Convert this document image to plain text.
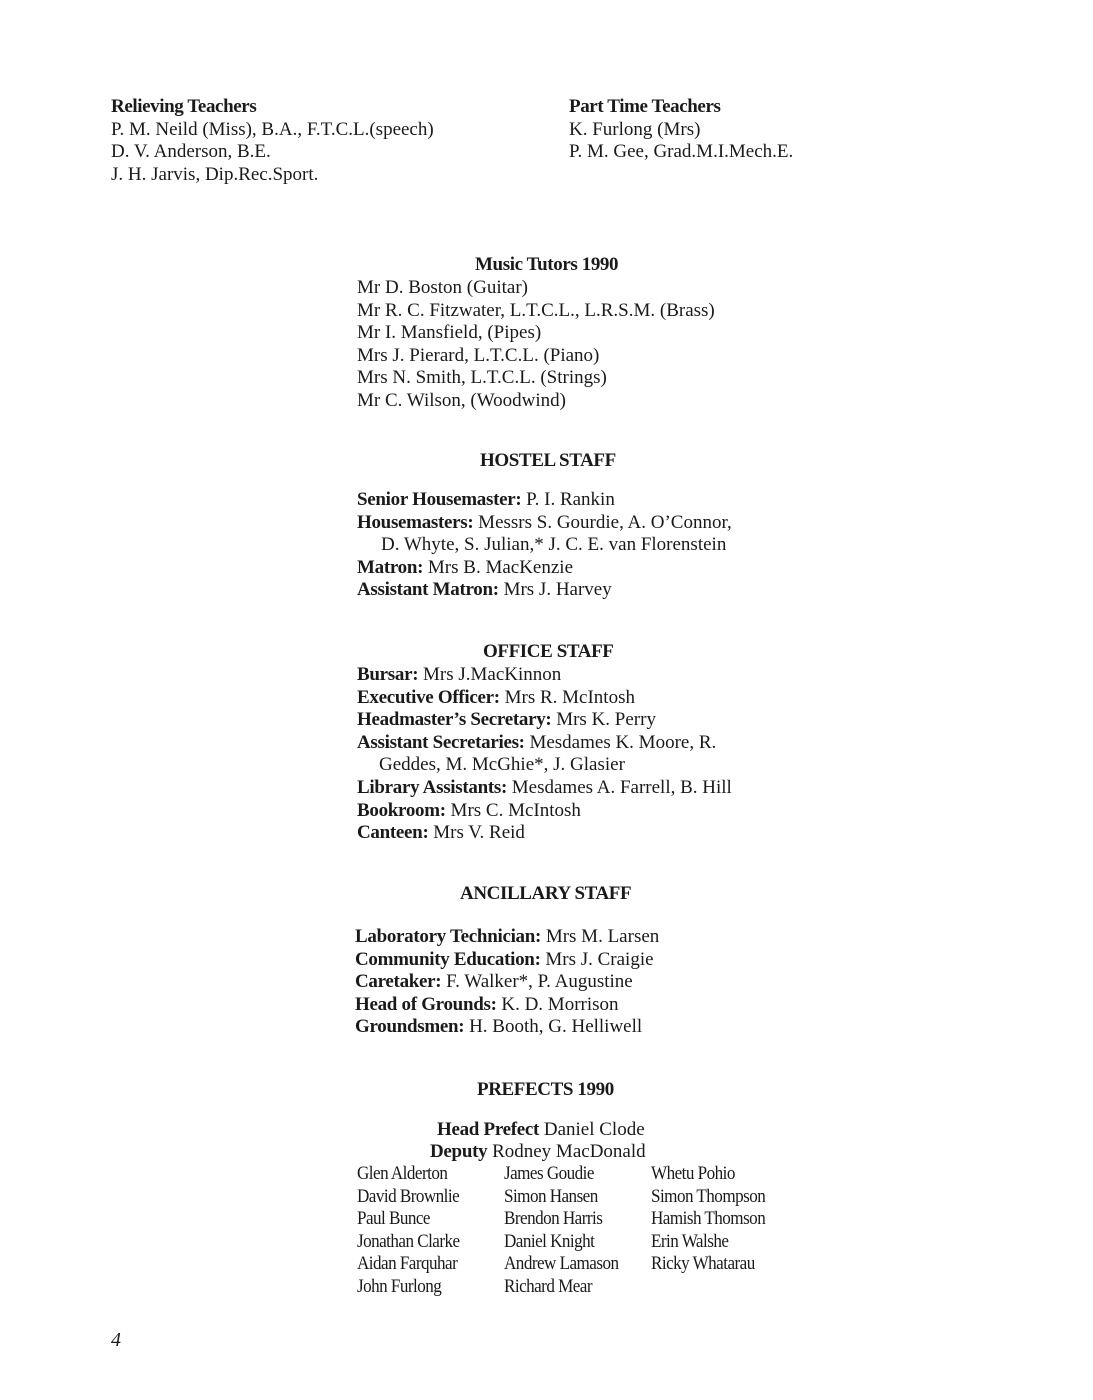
Relieving Teachers
P. M. Neild (Miss), B.A., F.T.C.L.(speech)
D. V. Anderson, B.E.
J. H. Jarvis, Dip.Rec.Sport.
Part Time Teachers
K. Furlong (Mrs)
P. M. Gee, Grad.M.I.Mech.E.
Music Tutors 1990
Mr D. Boston (Guitar)
Mr R. C. Fitzwater, L.T.C.L., L.R.S.M. (Brass)
Mr I. Mansfield, (Pipes)
Mrs J. Pierard, L.T.C.L. (Piano)
Mrs N. Smith, L.T.C.L. (Strings)
Mr C. Wilson, (Woodwind)
HOSTEL STAFF
Senior Housemaster: P. I. Rankin
Housemasters: Messrs S. Gourdie, A. O’Connor,
D. Whyte, S. Julian,* J. C. E. van Florenstein
Matron: Mrs B. MacKenzie
Assistant Matron: Mrs J. Harvey
OFFICE STAFF
Bursar: Mrs J.MacKinnon
Executive Officer: Mrs R. McIntosh
Headmaster’s Secretary: Mrs K. Perry
Assistant Secretaries: Mesdames K. Moore, R.
Geddes, M. McGhie*, J. Glasier
Library Assistants: Mesdames A. Farrell, B. Hill
Bookroom: Mrs C. McIntosh
Canteen: Mrs V. Reid
ANCILLARY STAFF
Laboratory Technician: Mrs M. Larsen
Community Education: Mrs J. Craigie
Caretaker: F. Walker*, P. Augustine
Head of Grounds: K. D. Morrison
Groundsmen: H. Booth, G. Helliwell
PREFECTS 1990
Head Prefect Daniel Clode
Deputy Rodney MacDonald
Glen Alderton
David Brownlie
Paul Bunce
Jonathan Clarke
Aidan Farquhar
John Furlong
James Goudie
Simon Hansen
Brendon Harris
Daniel Knight
Andrew Lamason
Richard Mear
Whetu Pohio
Simon Thompson
Hamish Thomson
Erin Walshe
Ricky Whatarau
4
